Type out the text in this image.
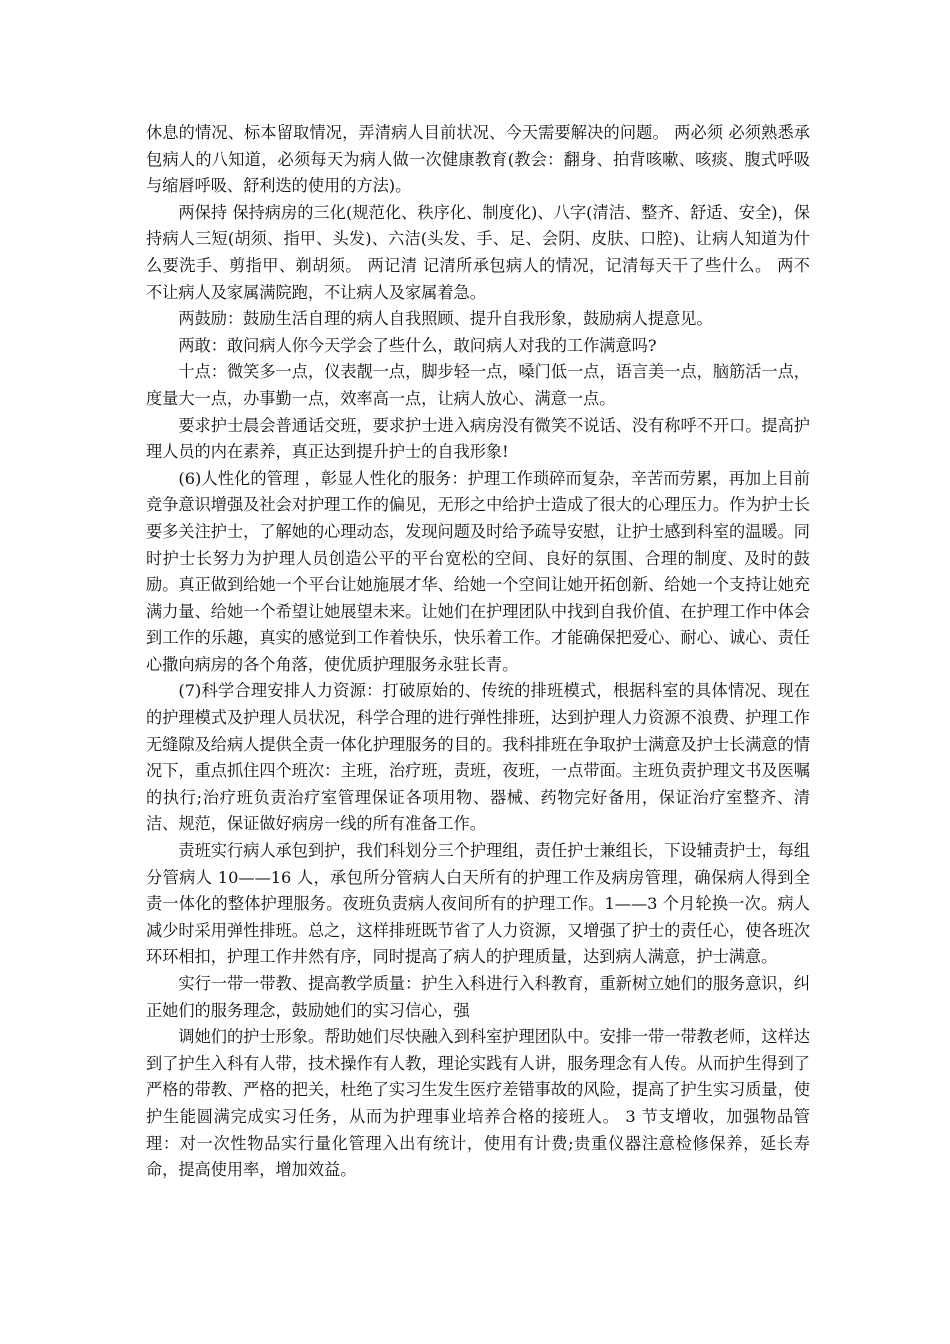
休息的情况、标本留取情况，弄清病人目前状况、今天需要解决的问题。 两必须 必须熟悉承包病人的八知道，必须每天为病人做一次健康教育(教会：翻身、拍背咳嗽、咳痰、腹式呼吸与缩唇呼吸、舒利迭的使用的方法)。

两保持 保持病房的三化(规范化、秩序化、制度化)、八字(清洁、整齐、舒适、安全)，保持病人三短(胡须、指甲、头发)、六洁(头发、手、足、会阴、皮肤、口腔)、让病人知道为什么要洗手、剪指甲、剃胡须。 两记清 记清所承包病人的情况，记清每天干了些什么。 两不 不让病人及家属满院跑，不让病人及家属着急。

两鼓励：鼓励生活自理的病人自我照顾、提升自我形象，鼓励病人提意见。

两敢：敢问病人你今天学会了些什么，敢问病人对我的工作满意吗?

十点：微笑多一点，仪表靓一点，脚步轻一点，嗓门低一点，语言美一点，脑筋活一点，度量大一点，办事勤一点，效率高一点，让病人放心、满意一点。

要求护士晨会普通话交班，要求护士进入病房没有微笑不说话、没有称呼不开口。提高护理人员的内在素养，真正达到提升护士的自我形象!

(6)人性化的管理 ，彰显人性化的服务：护理工作琐碎而复杂，辛苦而劳累，再加上目前竞争意识增强及社会对护理工作的偏见，无形之中给护士造成了很大的心理压力。作为护士长要多关注护士，了解她的心理动态，发现问题及时给予疏导安慰，让护士感到科室的温暖。同时护士长努力为护理人员创造公平的平台宽松的空间、良好的氛围、合理的制度、及时的鼓励。真正做到给她一个平台让她施展才华、给她一个空间让她开拓创新、给她一个支持让她充满力量、给她一个希望让她展望未来。让她们在护理团队中找到自我价值、在护理工作中体会到工作的乐趣，真实的感觉到工作着快乐，快乐着工作。才能确保把爱心、耐心、诚心、责任心撒向病房的各个角落，使优质护理服务永驻长青。

(7)科学合理安排人力资源：打破原始的、传统的排班模式，根据科室的具体情况、现在的护理模式及护理人员状况，科学合理的进行弹性排班，达到护理人力资源不浪费、护理工作无缝隙及给病人提供全责一体化护理服务的目的。我科排班在争取护士满意及护士长满意的情况下，重点抓住四个班次：主班，治疗班，责班，夜班，一点带面。主班负责护理文书及医嘱的执行;治疗班负责治疗室管理保证各项用物、器械、药物完好备用，保证治疗室整齐、清洁、规范，保证做好病房一线的所有准备工作。

责班实行病人承包到护，我们科划分三个护理组，责任护士兼组长，下设辅责护士，每组分管病人 10——16 人，承包所分管病人白天所有的护理工作及病房管理，确保病人得到全责一体化的整体护理服务。夜班负责病人夜间所有的护理工作。1——3 个月轮换一次。病人减少时采用弹性排班。总之，这样排班既节省了人力资源，又增强了护士的责任心，使各班次环环相扣，护理工作井然有序，同时提高了病人的护理质量，达到病人满意，护士满意。

实行一带一带教、提高教学质量：护生入科进行入科教育，重新树立她们的服务意识，纠正她们的服务理念，鼓励她们的实习信心，强

调她们的护士形象。帮助她们尽快融入到科室护理团队中。安排一带一带教老师，这样达到了护生入科有人带，技术操作有人教，理论实践有人讲，服务理念有人传。从而护生得到了严格的带教、严格的把关，杜绝了实习生发生医疗差错事故的风险，提高了护生实习质量，使护生能圆满完成实习任务，从而为护理事业培养合格的接班人。 3 节支增收，加强物品管理：对一次性物品实行量化管理入出有统计，使用有计费;贵重仪器注意检修保养，延长寿命，提高使用率，增加效益。
